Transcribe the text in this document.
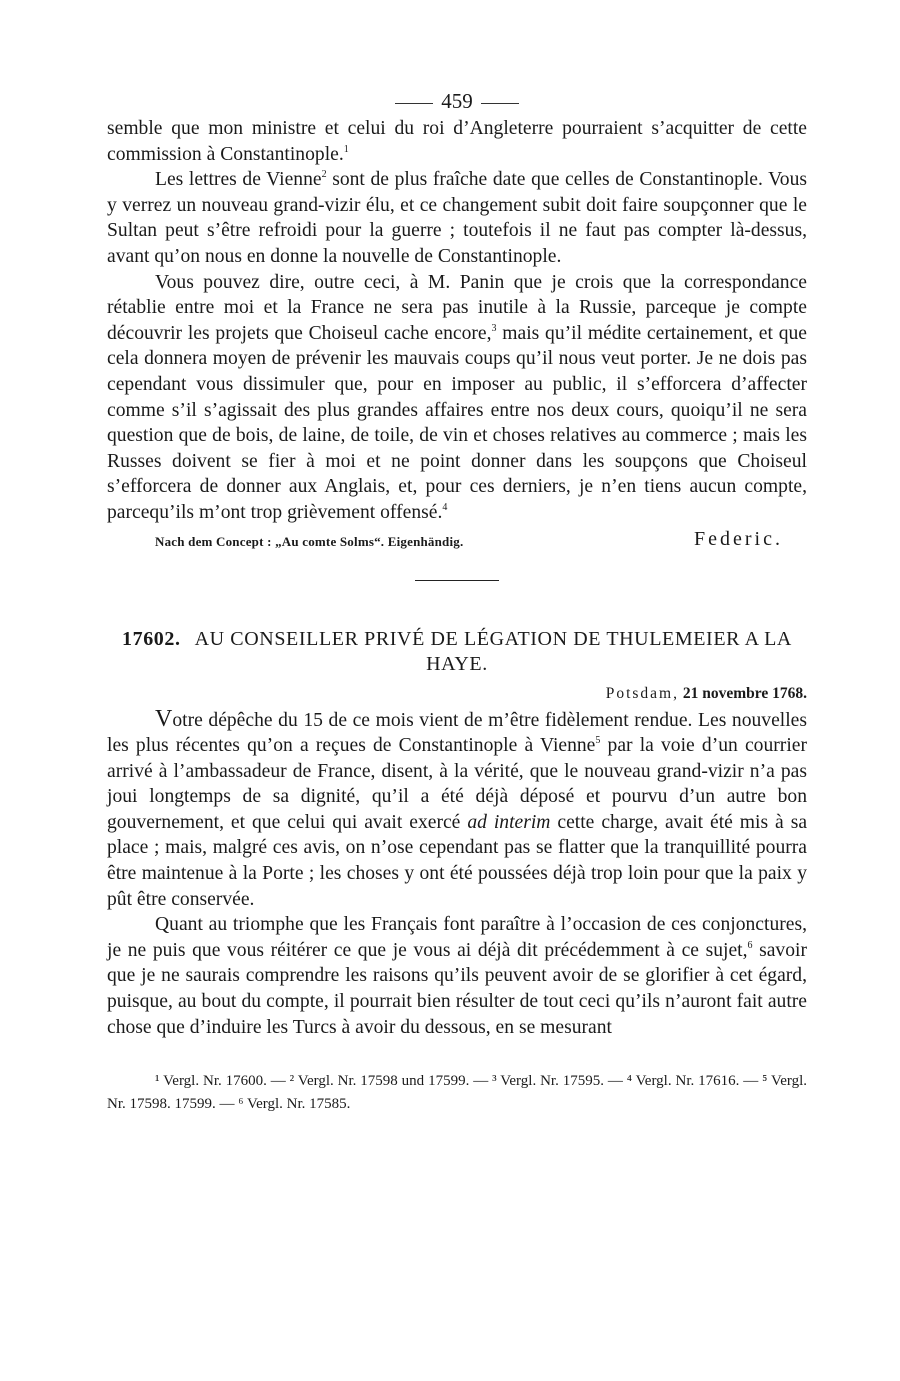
459

semble que mon ministre et celui du roi d’Angleterre pourraient s’acquitter de cette commission à Constantinople.$^1$

Les lettres de Vienne$^2$ sont de plus fraîche date que celles de Constantinople. Vous y verrez un nouveau grand-vizir élu, et ce changement subit doit faire soupçonner que le Sultan peut s’être refroidi pour la guerre ; toutefois il ne faut pas compter là-dessus, avant qu’on nous en donne la nouvelle de Constantinople.

Vous pouvez dire, outre ceci, à M. Panin que je crois que la correspondance rétablie entre moi et la France ne sera pas inutile à la Russie, parceque je compte découvrir les projets que Choiseul cache encore,$^3$ mais qu’il médite certainement, et que cela donnera moyen de prévenir les mauvais coups qu’il nous veut porter. Je ne dois pas cependant vous dissimuler que, pour en imposer au public, il s’efforcera d’affecter comme s’il s’agissait des plus grandes affaires entre nos deux cours, quoiqu’il ne sera question que de bois, de laine, de toile, de vin et choses relatives au commerce ; mais les Russes doivent se fier à moi et ne point donner dans les soupçons que Choiseul s’efforcera de donner aux Anglais, et, pour ces derniers, je n’en tiens aucun compte, parcequ’ils m’ont trop grièvement offensé.$^4$

Nach dem Concept : „Au comte Solms“. Eigenhändig.	Federic.
17602. AU CONSEILLER PRIVÉ DE LÉGATION DE THULEMEIER A LA HAYE.
Potsdam, 21 novembre 1768.

Votre dépêche du 15 de ce mois vient de m’être fidèlement rendue. Les nouvelles les plus récentes qu’on a reçues de Constantinople à Vienne$^5$ par la voie d’un courrier arrivé à l’ambassadeur de France, disent, à la vérité, que le nouveau grand-vizir n’a pas joui longtemps de sa dignité, qu’il a été déjà déposé et pourvu d’un autre bon gouvernement, et que celui qui avait exercé ad interim cette charge, avait été mis à sa place ; mais, malgré ces avis, on n’ose cependant pas se flatter que la tranquillité pourra être maintenue à la Porte ; les choses y ont été poussées déjà trop loin pour que la paix y pût être conservée.

Quant au triomphe que les Français font paraître à l’occasion de ces conjonctures, je ne puis que vous réitérer ce que je vous ai déjà dit précédemment à ce sujet,$^6$ savoir que je ne saurais comprendre les raisons qu’ils peuvent avoir de se glorifier à cet égard, puisque, au bout du compte, il pourrait bien résulter de tout ceci qu’ils n’auront fait autre chose que d’induire les Turcs à avoir du dessous, en se mesurant

¹ Vergl. Nr. 17600. — ² Vergl. Nr. 17598 und 17599. — ³ Vergl. Nr. 17595. — ⁴ Vergl. Nr. 17616. — ⁵ Vergl. Nr. 17598. 17599. — ⁶ Vergl. Nr. 17585.
